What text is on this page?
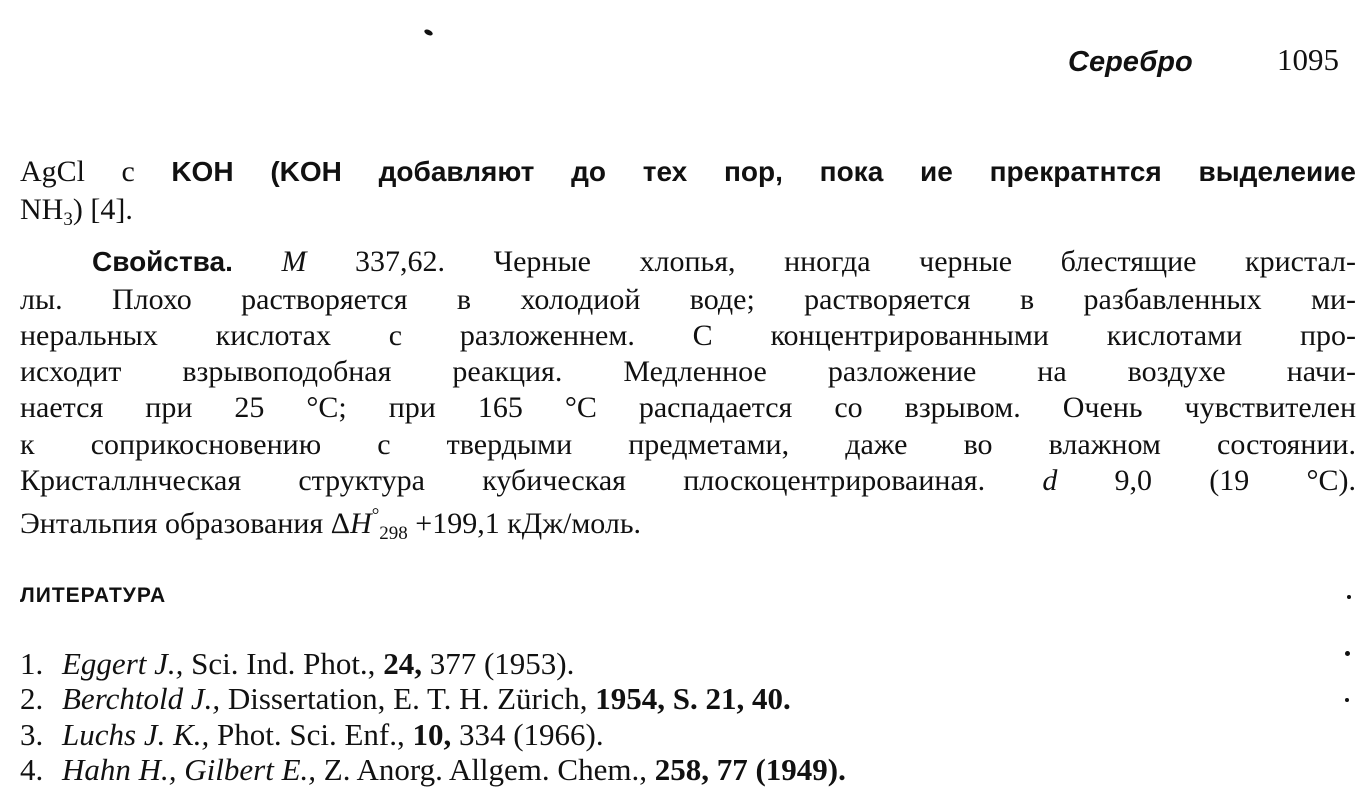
Серебро	1095
AgCl с KOH (KOH добавляют до тех пор, пока ие прекратнтся выделеиие
$NH_3$) [4].
Свойства. M 337,62. Черные хлопья, нногда черные блестящие кристал-
лы. Плохо растворяется в холодиой воде; растворяется в разбавленных ми-
неральных кислотах с разложеннем. С концентрированными кислотами про-
исходит взрывоподобная реакция. Медленное разложение на воздухе начи-
нается при 25 °С; при 165 °С распадается со взрывом. Очень чувствителен
к соприкосновению с твердыми предметами, даже во влажном состоянии.
Кристаллнческая структура кубическая плоскоцентрироваиная. d 9,0 (19 °С).
Энтальпия образования $\Delta H^\circ_{298} +199,1$ кДж/моль.
ЛИТЕРАТУРА
1. Eggert J., Sci. Ind. Phot., 24, 377 (1953).
2. Berchtold J., Dissertation, E. T. H. Zürich, 1954, S. 21, 40.
3. Luchs J. K., Phot. Sci. Enf., 10, 334 (1966).
4. Hahn H., Gilbert E., Z. Anorg. Allgem. Chem., 258, 77 (1949).
